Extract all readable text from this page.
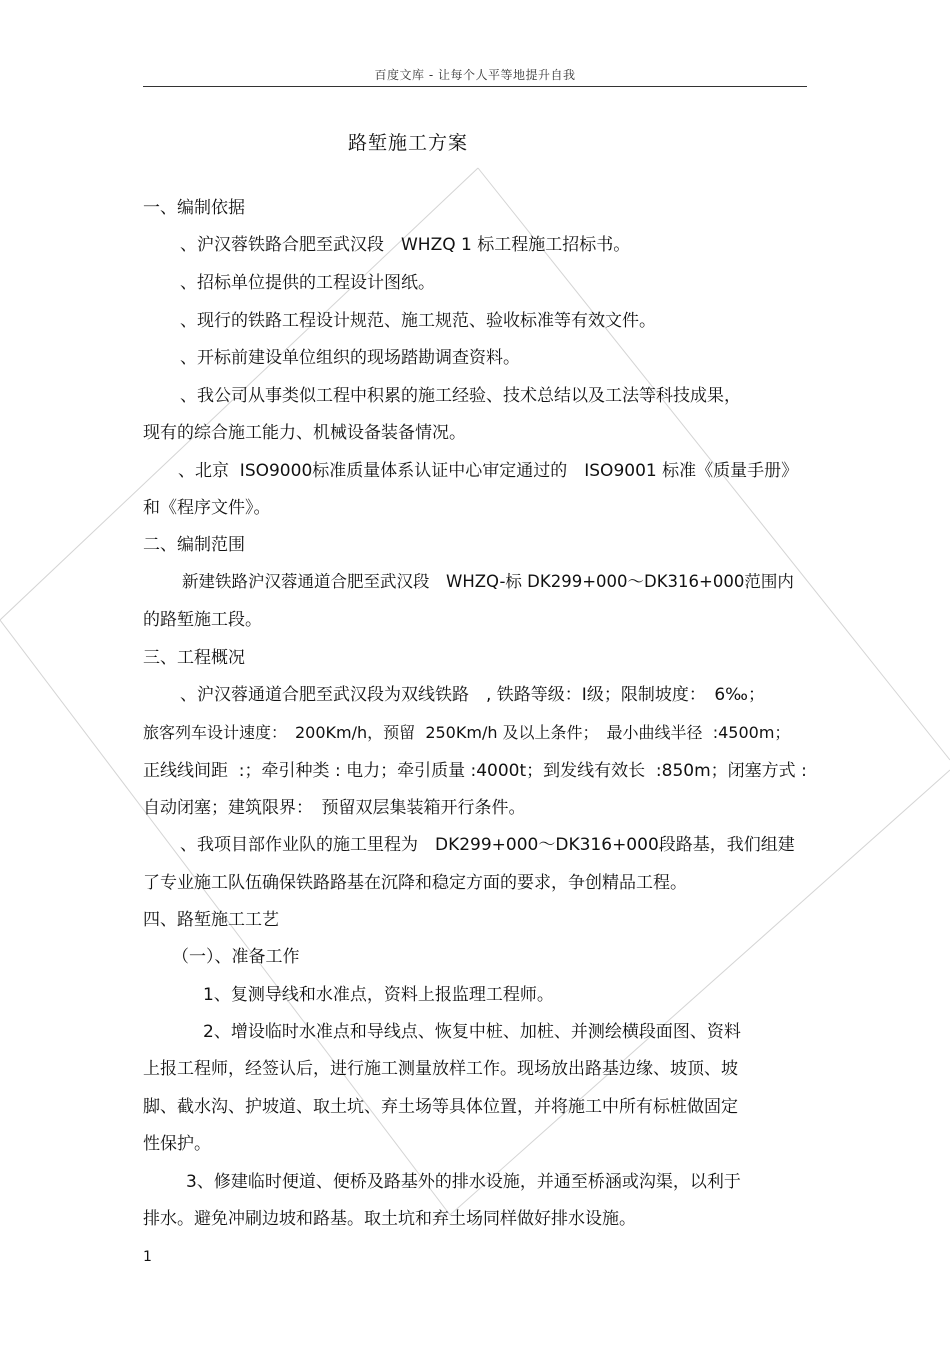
百度文库 - 让每个人平等地提升自我
路堑施工方案
一、编制依据
、沪汉蓉铁路合肥至武汉段　WHZQ 1 标工程施工招标书。
、招标单位提供的工程设计图纸。
、现行的铁路工程设计规范、施工规范、验收标准等有效文件。
、开标前建设单位组织的现场踏勘调查资料。
、我公司从事类似工程中积累的施工经验、技术总结以及工法等科技成果，
现有的综合施工能力、机械设备装备情况。
、北京  ISO9000标准质量体系认证中心审定通过的　ISO9001 标准《质量手册》
和《程序文件》。
二、编制范围
新建铁路沪汉蓉通道合肥至武汉段　WHZQ-标 DK299+000～DK316+000范围内
的路堑施工段。
三、工程概况
、沪汉蓉通道合肥至武汉段为双线铁路　, 铁路等级：Ⅰ级；限制坡度：　6‰；
旅客列车设计速度：　200Km/h，预留  250Km/h 及以上条件；　最小曲线半径  :4500m；
正线线间距  :；牵引种类 : 电力；牵引质量 :4000t；到发线有效长  :850m；闭塞方式 :
自动闭塞；建筑限界：　预留双层集装箱开行条件。
、我项目部作业队的施工里程为　DK299+000～DK316+000段路基，我们组建
了专业施工队伍确保铁路路基在沉降和稳定方面的要求，争创精品工程。
四、路堑施工工艺
（一）、准备工作
1、复测导线和水准点，资料上报监理工程师。
2、增设临时水准点和导线点、恢复中桩、加桩、并测绘横段面图、资料
上报工程师，经签认后，进行施工测量放样工作。现场放出路基边缘、坡顶、坡
脚、截水沟、护坡道、取土坑、弃土场等具体位置，并将施工中所有标桩做固定
性保护。
3、修建临时便道、便桥及路基外的排水设施，并通至桥涵或沟渠，以利于
排水。避免冲刷边坡和路基。取土坑和弃土场同样做好排水设施。
1
